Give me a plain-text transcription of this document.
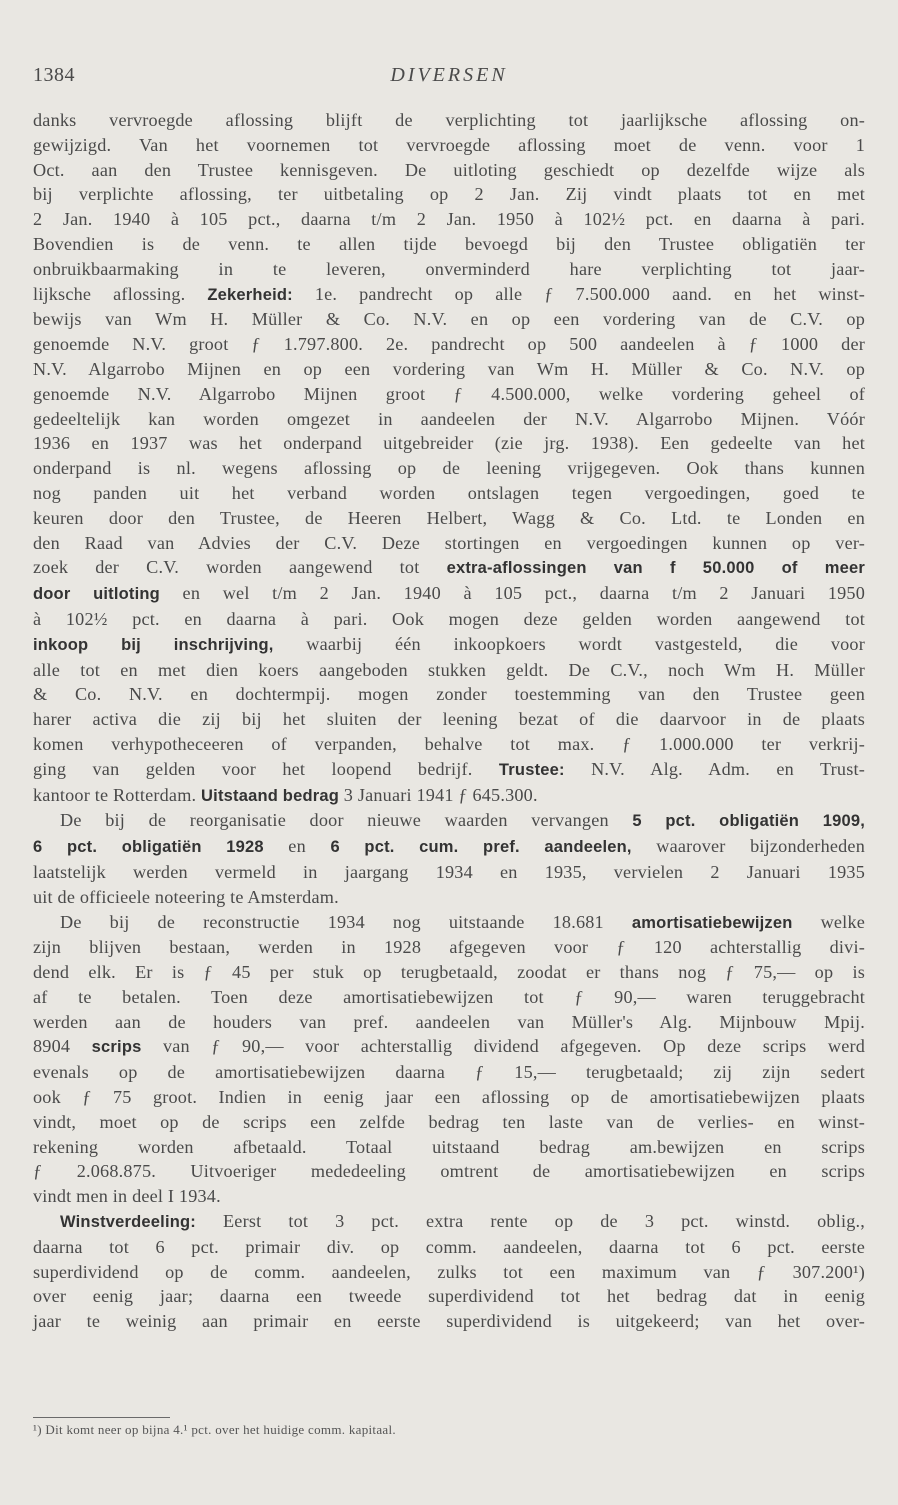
1384	DIVERSEN

danks vervroegde aflossing blijft de verplichting tot jaarlijksche aflossing on-

gewijzigd. Van het voornemen tot vervroegde aflossing moet de venn. voor 1

Oct. aan den Trustee kennisgeven. De uitloting geschiedt op dezelfde wijze als

bij verplichte aflossing, ter uitbetaling op 2 Jan. Zij vindt plaats tot en met

2 Jan. 1940 à 105 pct., daarna t/m 2 Jan. 1950 à 102½ pct. en daarna à pari.

Bovendien is de venn. te allen tijde bevoegd bij den Trustee obligatiën ter

onbruikbaarmaking in te leveren, onverminderd hare verplichting tot jaar-

lijksche aflossing. Zekerheid: 1e. pandrecht op alle ƒ 7.500.000 aand. en het winst-

bewijs van Wm H. Müller & Co. N.V. en op een vordering van de C.V. op

genoemde N.V. groot ƒ 1.797.800. 2e. pandrecht op 500 aandeelen à ƒ 1000 der

N.V. Algarrobo Mijnen en op een vordering van Wm H. Müller & Co. N.V. op

genoemde N.V. Algarrobo Mijnen groot ƒ 4.500.000, welke vordering geheel of

gedeeltelijk kan worden omgezet in aandeelen der N.V. Algarrobo Mijnen. Vóór

1936 en 1937 was het onderpand uitgebreider (zie jrg. 1938). Een gedeelte van het

onderpand is nl. wegens aflossing op de leening vrijgegeven. Ook thans kunnen

nog panden uit het verband worden ontslagen tegen vergoedingen, goed te

keuren door den Trustee, de Heeren Helbert, Wagg & Co. Ltd. te Londen en

den Raad van Advies der C.V. Deze stortingen en vergoedingen kunnen op ver-

zoek der C.V. worden aangewend tot extra-aflossingen van f 50.000 of meer

door uitloting en wel t/m 2 Jan. 1940 à 105 pct., daarna t/m 2 Januari 1950

à 102½ pct. en daarna à pari. Ook mogen deze gelden worden aangewend tot

inkoop bij inschrijving, waarbij één inkoopkoers wordt vastgesteld, die voor

alle tot en met dien koers aangeboden stukken geldt. De C.V., noch Wm H. Müller

& Co. N.V. en dochtermpij. mogen zonder toestemming van den Trustee geen

harer activa die zij bij het sluiten der leening bezat of die daarvoor in de plaats

komen verhypotheceeren of verpanden, behalve tot max. ƒ 1.000.000 ter verkrij-

ging van gelden voor het loopend bedrijf. Trustee: N.V. Alg. Adm. en Trust-

kantoor te Rotterdam. Uitstaand bedrag 3 Januari 1941 ƒ 645.300.

De bij de reorganisatie door nieuwe waarden vervangen 5 pct. obligatiën 1909,

6 pct. obligatiën 1928 en 6 pct. cum. pref. aandeelen, waarover bijzonderheden

laatstelijk werden vermeld in jaargang 1934 en 1935, vervielen 2 Januari 1935

uit de officieele noteering te Amsterdam.

De bij de reconstructie 1934 nog uitstaande 18.681 amortisatiebewijzen welke

zijn blijven bestaan, werden in 1928 afgegeven voor ƒ 120 achterstallig divi-

dend elk. Er is ƒ 45 per stuk op terugbetaald, zoodat er thans nog ƒ 75,— op is

af te betalen. Toen deze amortisatiebewijzen tot ƒ 90,— waren teruggebracht

werden aan de houders van pref. aandeelen van Müller's Alg. Mijnbouw Mpij.

8904 scrips van ƒ 90,— voor achterstallig dividend afgegeven. Op deze scrips werd

evenals op de amortisatiebewijzen daarna ƒ 15,— terugbetaald; zij zijn sedert

ook ƒ 75 groot. Indien in eenig jaar een aflossing op de amortisatiebewijzen plaats

vindt, moet op de scrips een zelfde bedrag ten laste van de verlies- en winst-

rekening worden afbetaald. Totaal uitstaand bedrag am.bewijzen en scrips

ƒ 2.068.875. Uitvoeriger mededeeling omtrent de amortisatiebewijzen en scrips

vindt men in deel I 1934.

Winstverdeeling: Eerst tot 3 pct. extra rente op de 3 pct. winstd. oblig.,

daarna tot 6 pct. primair div. op comm. aandeelen, daarna tot 6 pct. eerste

superdividend op de comm. aandeelen, zulks tot een maximum van ƒ 307.200¹)

over eenig jaar; daarna een tweede superdividend tot het bedrag dat in eenig

jaar te weinig aan primair en eerste superdividend is uitgekeerd; van het over-

¹) Dit komt neer op bijna 4.¹ pct. over het huidige comm. kapitaal.
